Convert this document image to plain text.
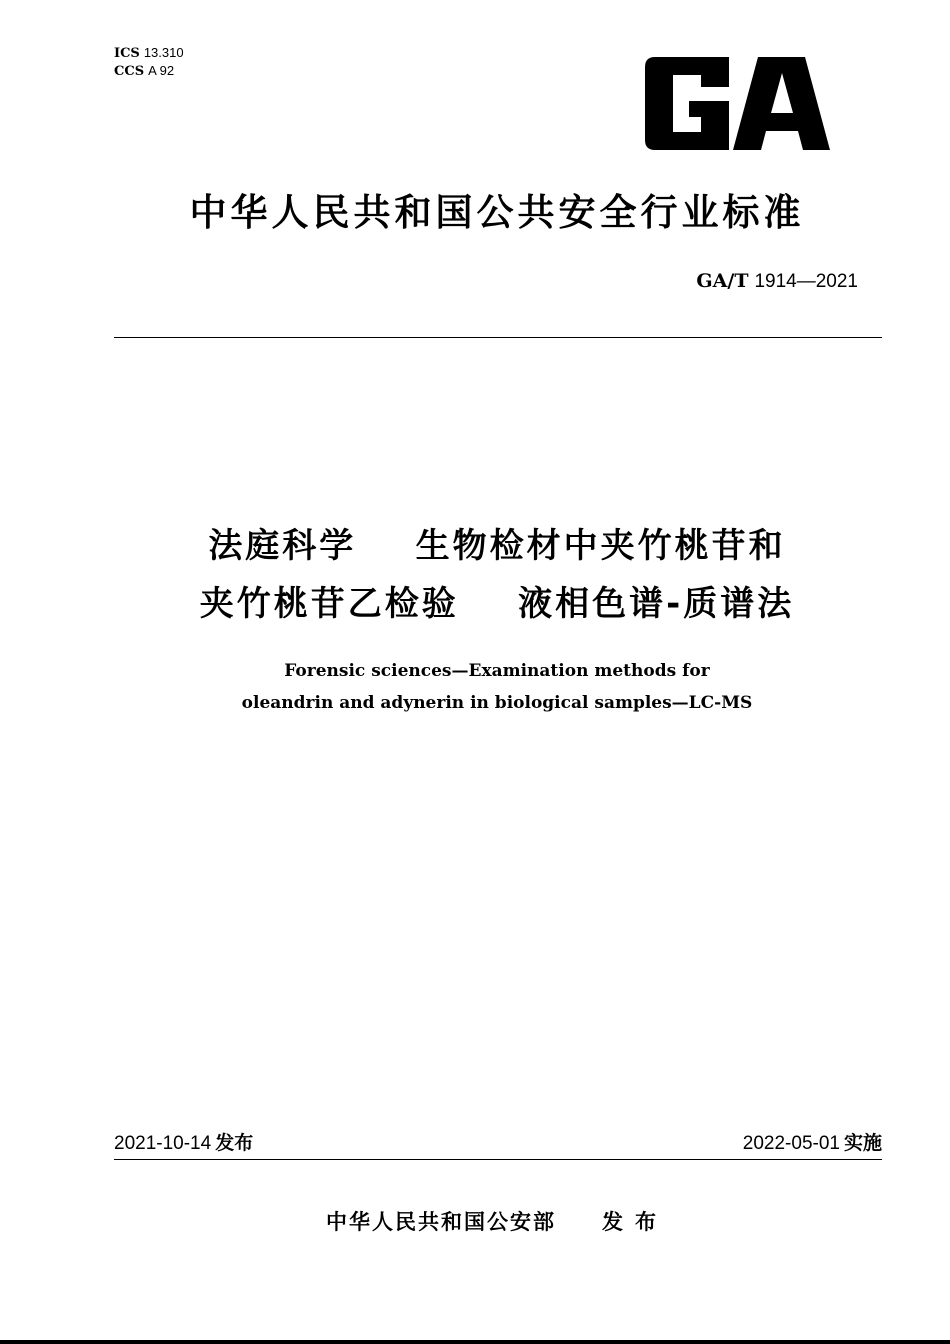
ICS 13.310
CCS A 92
中华人民共和国公共安全行业标准
GA/T 1914—2021
法庭科学    生物检材中夹竹桃苷和
夹竹桃苷乙检验    液相色谱-质谱法
Forensic sciences—Examination methods for
oleandrin and adynerin in biological samples—LC-MS
2021-10-14 发布	2022-05-01 实施
中华人民共和国公安部 发布
